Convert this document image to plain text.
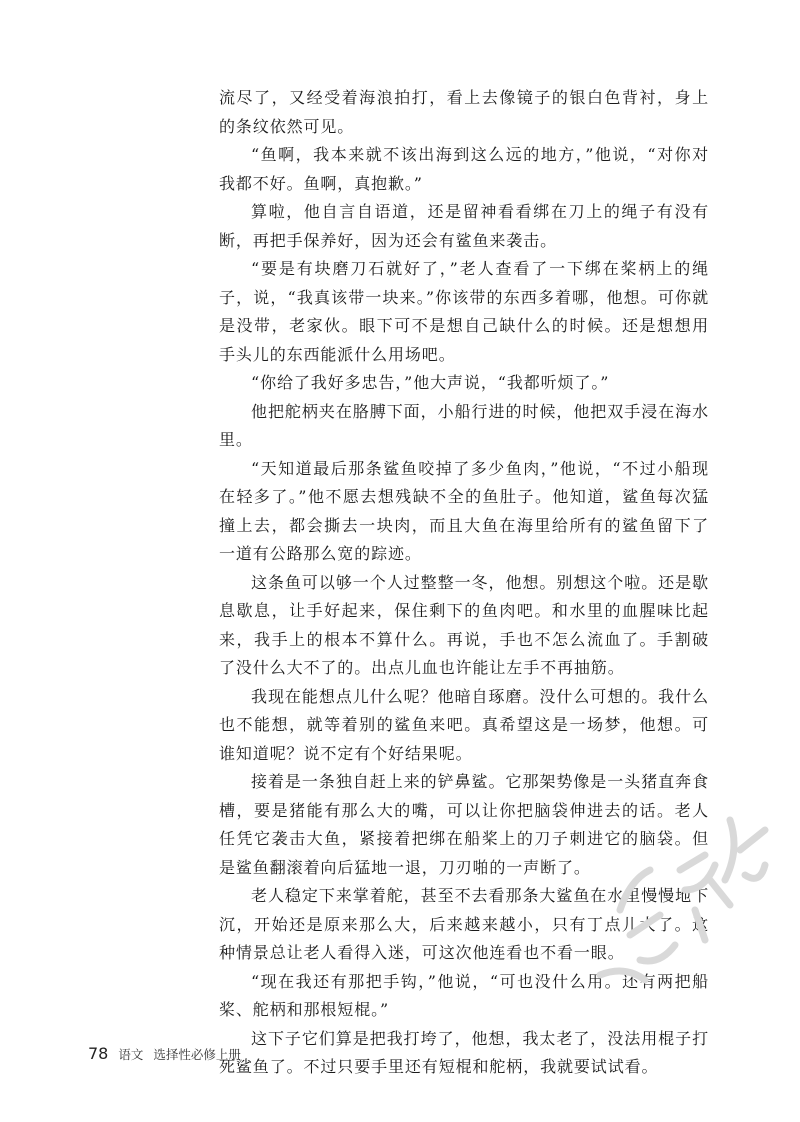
流尽了，又经受着海浪拍打，看上去像镜子的银白色背衬，身上的条纹依然可见。

“鱼啊，我本来就不该出海到这么远的地方，”他说，“对你对我都不好。鱼啊，真抱歉。”

算啦，他自言自语道，还是留神看看绑在刀上的绳子有没有断，再把手保养好，因为还会有鲨鱼来袭击。

“要是有块磨刀石就好了，”老人查看了一下绑在桨柄上的绳子，说，“我真该带一块来。”你该带的东西多着哪，他想。可你就是没带，老家伙。眼下可不是想自己缺什么的时候。还是想想用手头儿的东西能派什么用场吧。

“你给了我好多忠告，”他大声说，“我都听烦了。”

他把舵柄夹在胳膊下面，小船行进的时候，他把双手浸在海水里。

“天知道最后那条鲨鱼咬掉了多少鱼肉，”他说，“不过小船现在轻多了。”他不愿去想残缺不全的鱼肚子。他知道，鲨鱼每次猛撞上去，都会撕去一块肉，而且大鱼在海里给所有的鲨鱼留下了一道有公路那么宽的踪迹。

这条鱼可以够一个人过整整一冬，他想。别想这个啦。还是歇息歇息，让手好起来，保住剩下的鱼肉吧。和水里的血腥味比起来，我手上的根本不算什么。再说，手也不怎么流血了。手割破了没什么大不了的。出点儿血也许能让左手不再抽筋。

我现在能想点儿什么呢？他暗自琢磨。没什么可想的。我什么也不能想，就等着别的鲨鱼来吧。真希望这是一场梦，他想。可谁知道呢？说不定有个好结果呢。

接着是一条独自赶上来的铲鼻鲨。它那架势像是一头猪直奔食槽，要是猪能有那么大的嘴，可以让你把脑袋伸进去的话。老人任凭它袭击大鱼，紧接着把绑在船桨上的刀子刺进它的脑袋。但是鲨鱼翻滚着向后猛地一退，刀刃啪的一声断了。

老人稳定下来掌着舵，甚至不去看那条大鲨鱼在水里慢慢地下沉，开始还是原来那么大，后来越来越小，只有丁点儿大了。这种情景总让老人看得入迷，可这次他连看也不看一眼。

“现在我还有那把手钩，”他说，“可也没什么用。还有两把船桨、舵柄和那根短棍。”

这下子它们算是把我打垮了，他想，我太老了，没法用棍子打死鲨鱼了。不过只要手里还有短棍和舵柄，我就要试试看。

78 语文 选择性必修上册
